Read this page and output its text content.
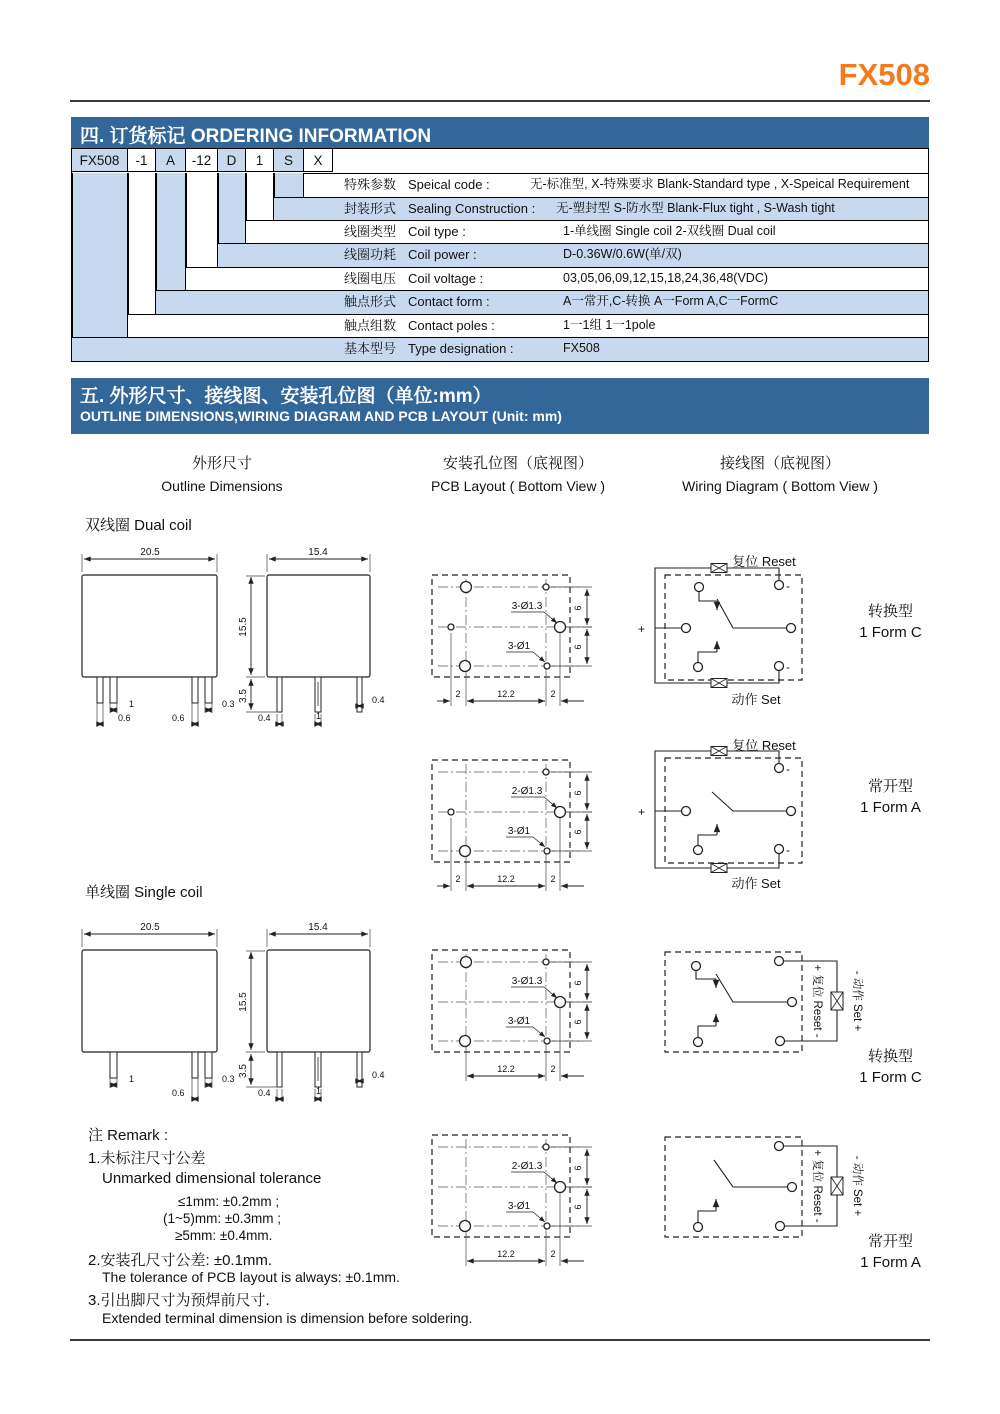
FX508
四. 订货标记 ORDERING INFORMATION
FX508	-1	A	-12	D	1	S	X
特殊参数 Speical code :	无-标准型, X-特殊要求 Blank-Standard type , X-Speical Requirement
封装形式 Sealing Construction : 无-塑封型 S-防水型 Blank-Flux tight , S-Wash tight
线圈类型 Coil type :	1-单线圈 Single coil 2-双线圈 Dual coil
线圈功耗 Coil power :	D-0.36W/0.6W(单/双)
线圈电压 Coil voltage :	03,05,06,09,12,15,18,24,36,48(VDC)
触点形式 Contact form :	A一常开,C-转换 A一Form A,C一FormC
触点组数 Contact poles :	1一1组 1一1pole
基本型号 Type designation :	FX508
五. 外形尺寸、接线图、安装孔位图（单位:mm）
OUTLINE DIMENSIONS,WIRING DIAGRAM AND PCB LAYOUT (Unit: mm)
外形尺寸
Outline Dimensions
安装孔位图（底视图）
PCB Layout ( Bottom View )
接线图（底视图）
Wiring Diagram ( Bottom View )
双线圈 Dual coil
单线圈 Single coil
20.5
1
0.6	0.6
0.3
15.4
15.5
3.5
0.4	1
0.4
20.5
1
0.6
0.3
15.4
15.5
3.5
0.4	1
0.4
3-Ø1.3
3-Ø1
6
6
2	12.2	2
2-Ø1.3
3-Ø1
6
6
2	12.2	2
3-Ø1.3
3-Ø1
6
6
12.2	2
2-Ø1.3
3-Ø1
6
6
12.2	2
+
-
-
+
-
-
+ 复位 Reset - - 动作 Set +
+ 复位 Reset - - 动作 Set +
复位 Reset
动作 Set
复位 Reset
动作 Set
转换型
1 Form C
常开型
1 Form A
转换型
1 Form C
常开型
1 Form A
注 Remark :
1.未标注尺寸公差
Unmarked dimensional tolerance
≤1mm: ±0.2mm ;
(1~5)mm: ±0.3mm ;
≥5mm: ±0.4mm.
2.安装孔尺寸公差: ±0.1mm.
The tolerance of PCB layout is always: ±0.1mm.
3.引出脚尺寸为预焊前尺寸.
Extended terminal dimension is dimension before soldering.
